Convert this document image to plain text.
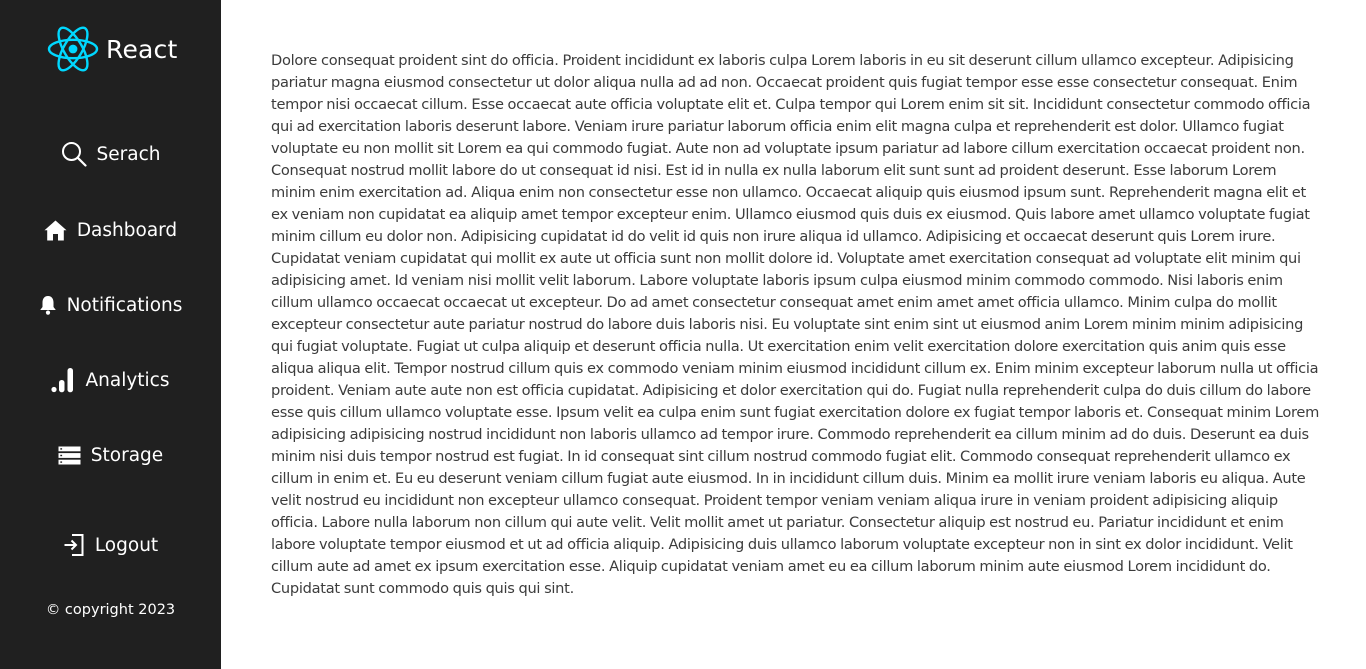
React
Serach
Dashboard
Notifications
Analytics
Storage
Logout
© copyright 2023

Dolore consequat proident sint do officia. Proident incididunt ex laboris culpa Lorem laboris in eu sit deserunt cillum ullamco excepteur. Adipisicing pariatur magna eiusmod consectetur ut dolor aliqua nulla ad ad non. Occaecat proident quis fugiat tempor esse esse consectetur consequat. Enim tempor nisi occaecat cillum. Esse occaecat aute officia voluptate elit et. Culpa tempor qui Lorem enim sit sit. Incididunt consectetur commodo officia qui ad exercitation laboris deserunt labore. Veniam irure pariatur laborum officia enim elit magna culpa et reprehenderit est dolor. Ullamco fugiat voluptate eu non mollit sit Lorem ea qui commodo fugiat. Aute non ad voluptate ipsum pariatur ad labore cillum exercitation occaecat proident non. Consequat nostrud mollit labore do ut consequat id nisi. Est id in nulla ex nulla laborum elit sunt sunt ad proident deserunt. Esse laborum Lorem minim enim exercitation ad. Aliqua enim non consectetur esse non ullamco. Occaecat aliquip quis eiusmod ipsum sunt. Reprehenderit magna elit et ex veniam non cupidatat ea aliquip amet tempor excepteur enim. Ullamco eiusmod quis duis ex eiusmod. Quis labore amet ullamco voluptate fugiat minim cillum eu dolor non. Adipisicing cupidatat id do velit id quis non irure aliqua id ullamco. Adipisicing et occaecat deserunt quis Lorem irure. Cupidatat veniam cupidatat qui mollit ex aute ut officia sunt non mollit dolore id. Voluptate amet exercitation consequat ad voluptate elit minim qui adipisicing amet. Id veniam nisi mollit velit laborum. Labore voluptate laboris ipsum culpa eiusmod minim commodo commodo. Nisi laboris enim cillum ullamco occaecat occaecat ut excepteur. Do ad amet consectetur consequat amet enim amet amet officia ullamco. Minim culpa do mollit excepteur consectetur aute pariatur nostrud do labore duis laboris nisi. Eu voluptate sint enim sint ut eiusmod anim Lorem minim minim adipisicing qui fugiat voluptate. Fugiat ut culpa aliquip et deserunt officia nulla. Ut exercitation enim velit exercitation dolore exercitation quis anim quis esse aliqua aliqua elit. Tempor nostrud cillum quis ex commodo veniam minim eiusmod incididunt cillum ex. Enim minim excepteur laborum nulla ut officia proident. Veniam aute aute non est officia cupidatat. Adipisicing et dolor exercitation qui do. Fugiat nulla reprehenderit culpa do duis cillum do labore esse quis cillum ullamco voluptate esse. Ipsum velit ea culpa enim sunt fugiat exercitation dolore ex fugiat tempor laboris et. Consequat minim Lorem adipisicing adipisicing nostrud incididunt non laboris ullamco ad tempor irure. Commodo reprehenderit ea cillum minim ad do duis. Deserunt ea duis minim nisi duis tempor nostrud est fugiat. In id consequat sint cillum nostrud commodo fugiat elit. Commodo consequat reprehenderit ullamco ex cillum in enim et. Eu eu deserunt veniam cillum fugiat aute eiusmod. In in incididunt cillum duis. Minim ea mollit irure veniam laboris eu aliqua. Aute velit nostrud eu incididunt non excepteur ullamco consequat. Proident tempor veniam veniam aliqua irure in veniam proident adipisicing aliquip officia. Labore nulla laborum non cillum qui aute velit. Velit mollit amet ut pariatur. Consectetur aliquip est nostrud eu. Pariatur incididunt et enim labore voluptate tempor eiusmod et ut ad officia aliquip. Adipisicing duis ullamco laborum voluptate excepteur non in sint ex dolor incididunt. Velit cillum aute ad amet ex ipsum exercitation esse. Aliquip cupidatat veniam amet eu ea cillum laborum minim aute eiusmod Lorem incididunt do. Cupidatat sunt commodo quis quis qui sint.
